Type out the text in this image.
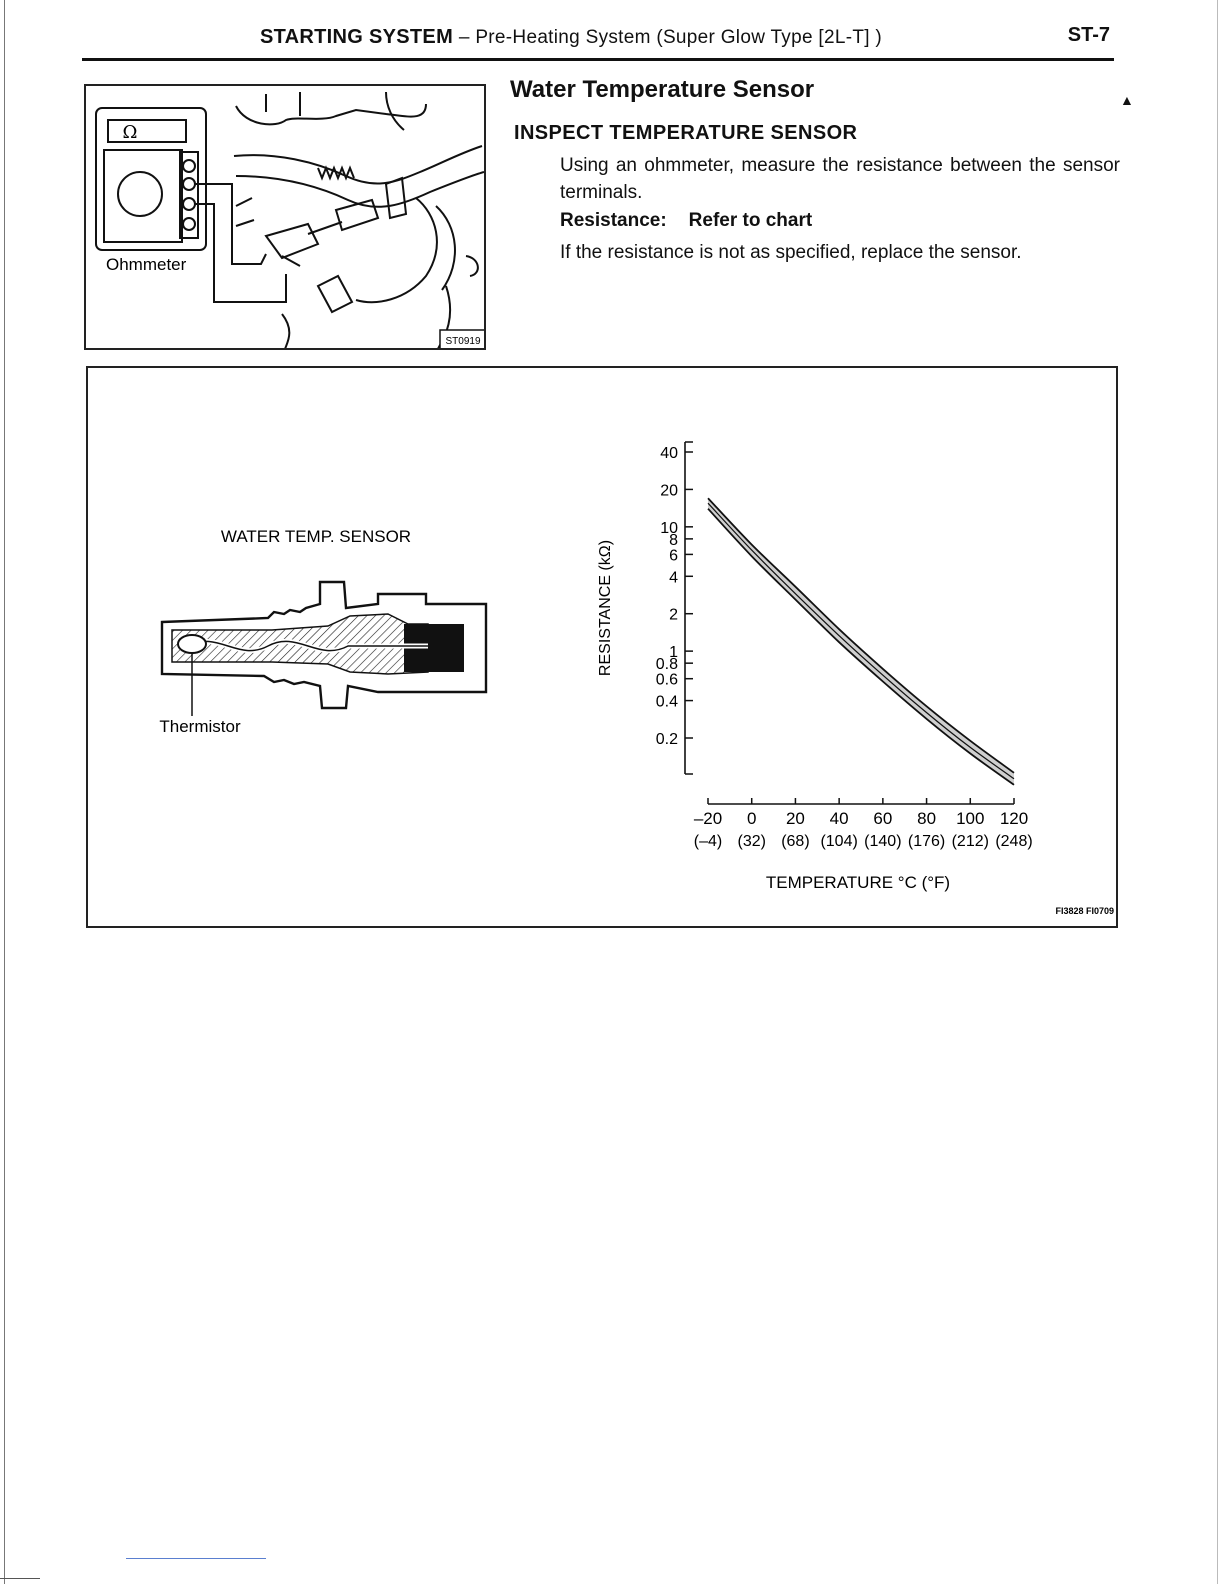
STARTING SYSTEM – Pre-Heating System (Super Glow Type [2L-T] )	ST-7
Ω
ST0919
Ohmmeter
Water Temperature Sensor
INSPECT TEMPERATURE SENSOR
Using an ohmmeter, measure the resistance between the sensor terminals.
Resistance: Refer to chart
If the resistance is not as specified, replace the sensor.
▲
WATER TEMP. SENSOR
Thermistor
40
20
10
8
6
4
2
1
0.8
0.6
0.4
0.2
–20
(–4)
0
(32)
20
(68)
40
(104)
60
(140)
80
(176)
100
(212)
120
(248)
RESISTANCE (kΩ)
TEMPERATURE °C (°F)
FI3828 FI0709
